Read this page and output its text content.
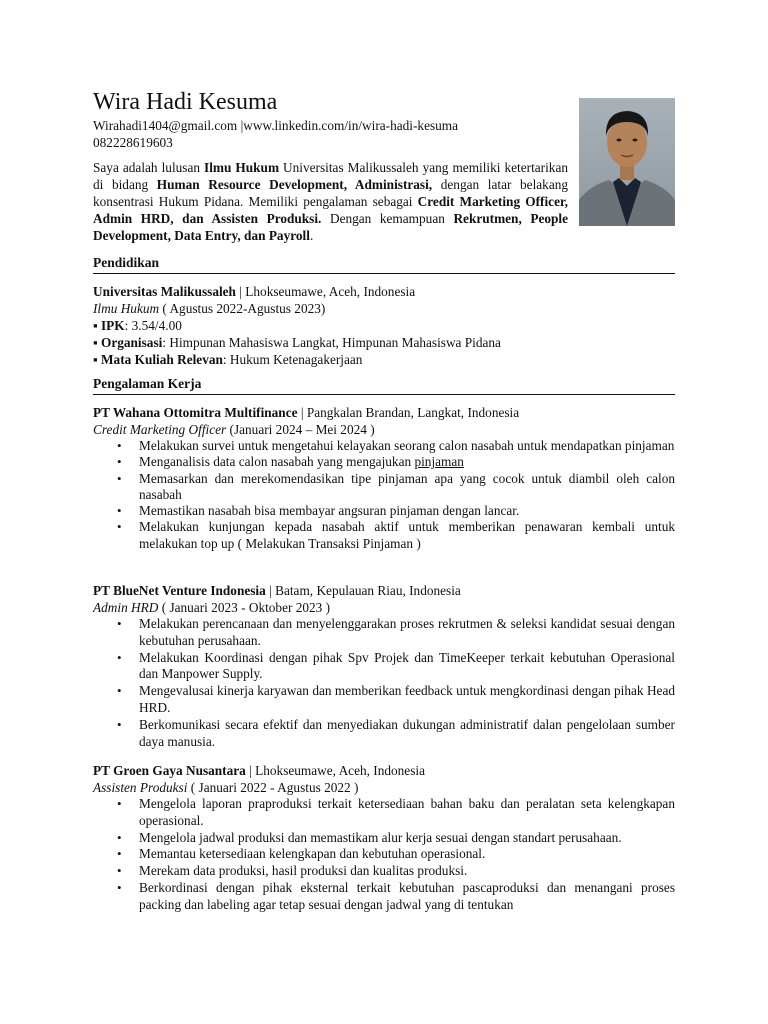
Wira Hadi Kesuma
Wirahadi1404@gmail.com |www.linkedin.com/in/wira-hadi-kesuma
082228619603
Saya adalah lulusan Ilmu Hukum Universitas Malikussaleh yang memiliki ketertarikan di bidang Human Resource Development, Administrasi, dengan latar belakang konsentrasi Hukum Pidana. Memiliki pengalaman sebagai Credit Marketing Officer, Admin HRD, dan Assisten Produksi. Dengan kemampuan Rekrutmen, People Development, Data Entry, dan Payroll.
Pendidikan
Universitas Malikussaleh | Lhokseumawe, Aceh, Indonesia
Ilmu Hukum ( Agustus 2022-Agustus 2023)
▪ IPK: 3.54/4.00
▪ Organisasi: Himpunan Mahasiswa Langkat, Himpunan Mahasiswa Pidana
▪ Mata Kuliah Relevan: Hukum Ketenagakerjaan
Pengalaman Kerja
PT Wahana Ottomitra Multifinance | Pangkalan Brandan, Langkat, Indonesia
Credit Marketing Officer (Januari 2024 – Mei 2024 )
• Melakukan survei untuk mengetahui kelayakan seorang calon nasabah untuk mendapatkan pinjaman
• Menganalisis data calon nasabah yang mengajukan pinjaman
• Memasarkan dan merekomendasikan tipe pinjaman apa yang cocok untuk diambil oleh calon nasabah
• Memastikan nasabah bisa membayar angsuran pinjaman dengan lancar.
• Melakukan kunjungan kepada nasabah aktif untuk memberikan penawaran kembali untuk melakukan top up ( Melakukan Transaksi Pinjaman )
PT BlueNet Venture Indonesia | Batam, Kepulauan Riau, Indonesia
Admin HRD ( Januari 2023 - Oktober 2023 )
• Melakukan perencanaan dan menyelenggarakan proses rekrutmen & seleksi kandidat sesuai dengan kebutuhan perusahaan.
• Melakukan Koordinasi dengan pihak Spv Projek dan TimeKeeper terkait kebutuhan Operasional dan Manpower Supply.
• Mengevalusai kinerja karyawan dan memberikan feedback untuk mengkordinasi dengan pihak Head HRD.
• Berkomunikasi secara efektif dan menyediakan dukungan administratif dalan pengelolaan sumber daya manusia.
PT Groen Gaya Nusantara | Lhokseumawe, Aceh, Indonesia
Assisten Produksi ( Januari 2022 - Agustus 2022 )
• Mengelola laporan praproduksi terkait ketersediaan bahan baku dan peralatan seta kelengkapan operasional.
• Mengelola jadwal produksi dan memastikam alur kerja sesuai dengan standart perusahaan.
• Memantau ketersediaan kelengkapan dan kebutuhan operasional.
• Merekam data produksi, hasil produksi dan kualitas produksi.
• Berkordinasi dengan pihak eksternal terkait kebutuhan pascaproduksi dan menangani proses packing dan labeling agar tetap sesuai dengan jadwal yang di tentukan
